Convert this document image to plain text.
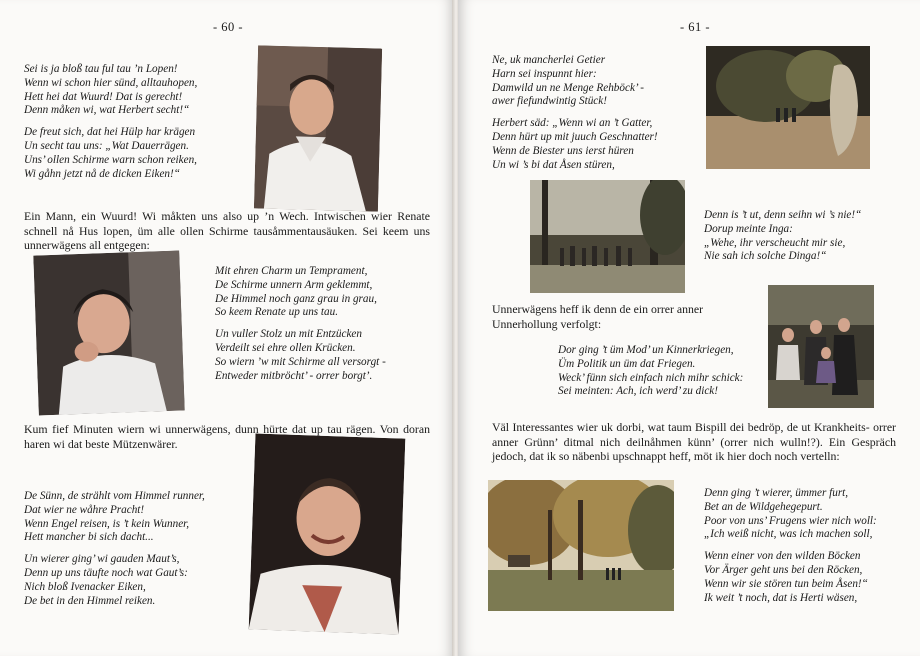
- 60 -
Sei is ja bloß tau ful tau ’n Lopen!
Wenn wi schon hier sünd, alltauhopen,
Hett hei dat Wuurd! Dat is gerecht!
Denn måken wi, wat Herbert secht!“
De freut sich, dat hei Hülp har krägen
Un secht tau uns: „Wat Dauerrägen.
Uns’ ollen Schirme warn schon reiken,
Wi gåhn jetzt nå de dicken Eiken!“
Ein Mann, ein Wuurd! Wi måkten uns also up ’n Wech. Intwischen wier Renate schnell nå Hus lopen, üm alle ollen Schirme tausåmmentausäuken. Sei keem uns unnerwägens all entgegen:
Mit ehren Charm un Temprament,
De Schirme unnern Arm geklemmt,
De Himmel noch ganz grau in grau,
So keem Renate up uns tau.
Un vuller Stolz un mit Entzücken
Verdeilt sei ehre ollen Krücken.
So wiern ’w mit Schirme all versorgt -
Entweder mitbröcht’ - orrer borgt’.
Kum fief Minuten wiern wi unnerwägens, dunn hürte dat up tau rägen. Von doran haren wi dat beste Mützenwärer.
De Sünn, de strählt vom Himmel runner,
Dat wier ne wåhre Pracht!
Wenn Engel reisen, is ’t kein Wunner,
Hett mancher bi sich dacht...
Un wierer ging’ wi gauden Maut’s,
Denn up uns täufte noch wat Gaut’s:
Nich bloß Ivenacker Eiken,
De bet in den Himmel reiken.
- 61 -
Ne, uk mancherlei Getier
Harn sei inspunnt hier:
Damwild un ne Menge Rehböck’ -
awer fiefundwintig Stück!
Herbert säd: „Wenn wi an ’t Gatter,
Denn hürt up mit juuch Geschnatter!
Wenn de Biester uns ierst hüren
Un wi ’s bi dat Åsen stüren,
Denn is ’t ut, denn seihn wi ’s nie!“
Dorup meinte Inga:
„Wehe, ihr verscheucht mir sie,
Nie sah ich solche Dinga!“
Unnerwägens heff ik denn de ein orrer anner Unnerhollung verfolgt:
Dor ging ’t üm Mod’ un Kinnerkriegen,
Üm Politik un üm dat Friegen.
Weck’ fünn sich einfach nich mihr schick:
Sei meinten: Ach, ich werd’ zu dick!
Väl Interessantes wier uk dorbi, wat taum Bispill dei bedröp, de ut Krankheits- orrer anner Grünn’ ditmal nich deilnåhmen künn’ (orrer nich wulln!?). Ein Gespräch jedoch, dat ik so näbenbi upschnappt heff, möt ik hier doch noch vertelln:
Denn ging ’t wierer, ümmer furt,
Bet an de Wildgehegepurt.
Poor von uns’ Frugens wier nich woll:
„Ich weiß nicht, was ich machen soll,
Wenn einer von den wilden Böcken
Vor Ärger geht uns bei den Röcken,
Wenn wir sie stören tun beim Åsen!“
Ik weit ’t noch, dat is Herti wäsen,
